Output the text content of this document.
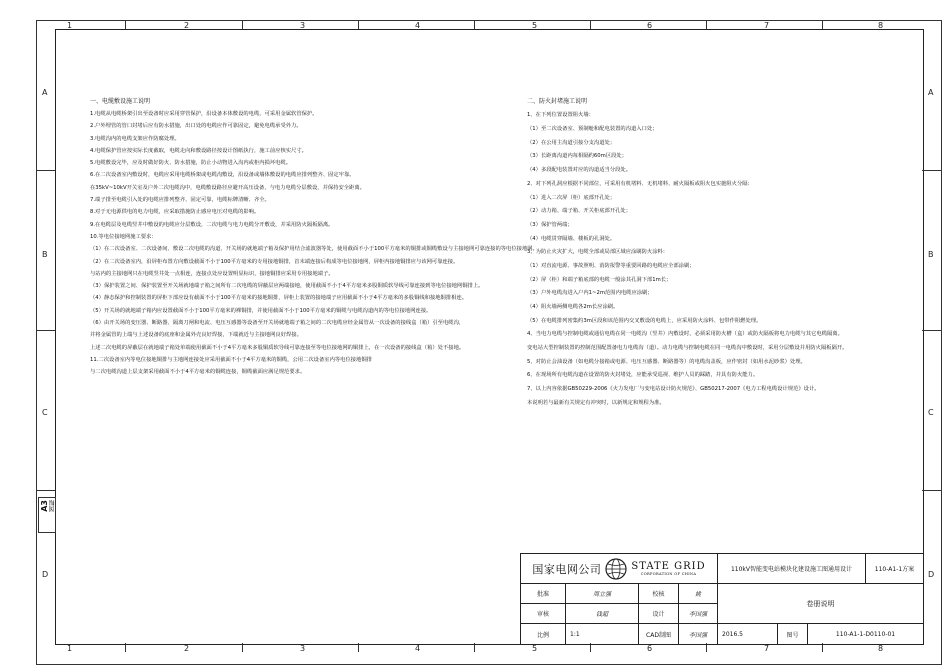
1	2	3	4	5	6	7	8
1	2	3	4	5	6	7	8
A
B
C
D
A
B
C
D
A3 图幅

一、电缆敷设施工说明

1.电缆从电缆桥架引出至设备时应采用穿管保护，沿设备本体敷设的电缆，可采用金属软管保护。

2.户外埋管的管口封堵后应有防水措施，出口处的电缆应作可靠固定，避免电缆承受外力。

3.电缆沟内的电缆支架应作防腐处理。

4.电缆保护管应按实际长度截取，电缆走向和敷设路径按设计图纸执行，施工前应核实尺寸。

5.电缆敷设完毕，应及时做好防火、防水措施，防止小动物进入沟内或柜内损坏电缆。

6.在二次设备室内敷设时，电缆应采用电缆桥架或电缆沟敷设，沿设备或墙体敷设的电缆应排列整齐、固定牢靠。

在35kV~10kV开关室及户外二次电缆沟中，电缆敷设路径应避开高压设备，与电力电缆分层敷设，并保持安全距离。

7.端子排至电缆引入处的电缆应排列整齐、固定可靠，电缆标牌清晰、齐全。

8.对于无电源供电的电力电缆，应采取措施防止感应电压对电缆的影响。

9.在电缆层及电缆竖井中敷设的电缆应分层敷设，二次电缆与电力电缆分开敷设，并采用防火隔板隔离。

10.等电位接地网施工要求：

（1）在二次设备室、二次设备间、敷设二次电缆的沟道、开关场的就地端子箱及保护用结合滤波器等处，使用截面不小于100平方毫米的铜排或铜缆敷设与主接地网可靠连接的等电位接地网。

（2）在二次设备室内，沿屏柜布置方向敷设截面不小于100平方毫米的专用接地铜排，首末端连接后构成等电位接地网，屏柜内接地铜排应与该网可靠连接。

与站内的主接地网只在电缆竖井处一点相连，连接点处应设置明显标识，接地铜排应采用专用接地端子。

（3）保护装置之间、保护装置至开关场就地端子箱之间所有二次电缆的屏蔽层应两端接地，使用截面不小于4平方毫米多股铜质软导线可靠连接到等电位接地网铜排上。

（4）静态保护和控制装置的屏柜下部应设有截面不小于100平方毫米的接地铜排，屏柜上装置的接地端子应用截面不小于4平方毫米的多股铜线和接地铜排相连。

（5）开关场的就地端子箱内应设置截面不小于100平方毫米的裸铜排，并使用截面不小于100平方毫米的铜缆与电缆沟道内的等电位接地网连接。

（6）由开关场的变压器、断路器、隔离刀闸和电流、电压互感器等设备至开关场就地端子箱之间的二次电缆应经金属管从一次设备的接线盒（箱）引至电缆沟，

并将金属管的上端与上述设备的底座和金属外壳良好焊接，下端就近与主接地网良好焊接。

上述二次电缆的屏蔽层在就地端子箱处单端使用截面不小于4平方毫米多股铜质软导线可靠连接至等电位接地网的铜排上，在一次设备的接线盒（箱）处不接地。

11.二次设备室内等电位接地铜排与主地网连接处应采用截面不小于4平方毫米的铜缆，公用二次设备室内等电位接地铜排

与二次电缆沟道上层支架采用截面不小于4平方毫米的铜缆连接，铜缆截面应满足规范要求。

二、防火封堵施工说明

1、在下列位置设置阻火墙：

（1）至二次设备室、预制舱和配电装置的沟道入口处；

（2）在公用主沟道引接分支沟道处；

（3）长距离沟道内每相隔约60m区段处；

（4）多段配电装置对应的沟道适当分段处。

2、对下列孔洞应根据不同部位，可采用有机堵料、无机堵料、耐火隔板或阻火包实施阻火分隔：

（1）进入二次屏（柜）底部开孔处；

（2）动力箱、端子箱、开关柜底部开孔处；

（3）保护管两端；

（4）电缆贯穿隔墙、楼板的孔洞处。

3、为防止火灾扩大，电缆全部或局部区域应涂刷防火涂料：

（1）对直流电源、事故照明、消防报警等重要回路的电缆应全部涂刷；

（2）屏（柜）和端子箱底部的电缆一般涂其孔洞下部1m长；

（3）户外电缆沟进入户内1~2m范围内电缆应涂刷；

（4）阻火墙两侧电缆各2m长应涂刷。

（5）在电缆排列密集约3m区段和该范围内交叉敷设的电缆上，应采用防火涂料、包带作阻燃处理。

4、当电力电缆与控制电缆或通信电缆在同一电缆沟（竖井）内敷设时，必须采用防火槽（盒）或防火隔板将电力电缆与其它电缆隔离。

变电站大型控制装置的控制范围配置备电力电缆沟（道）。动力电缆与控制电缆在同一电缆沟中敷设时，采用分层敷设并用防火隔板隔开。

5、对防止会油设备（如电缆分接箱或电源、电压互感器、断路器等）的电缆沟盖板，应作密封（如用水泥砂浆）处理。

6、在现场所有电缆沟道在设置的防火封堵处，应能承受巡视、维护人员的踩踏，并具有防火能力。

7、以上内容依据GB50229-2006《火力发电厂与变电站设计防火规范》、GB50217-2007《电力工程电缆设计规范》设计。

本说明若与最新有关规定有冲突时，以新规定和规程为准。

国家电网公司	STATE GRID
CORPORATION OF CHINA
110kV智能变电站模块化建设施工图通用设计	110-A1-1方案
批准	周立强	校核	姚
审核	钱超	设计	李国强
卷册说明
比例	1:1	CAD制图	李国强	2016.5	图号	110-A1-1-D0110-01
